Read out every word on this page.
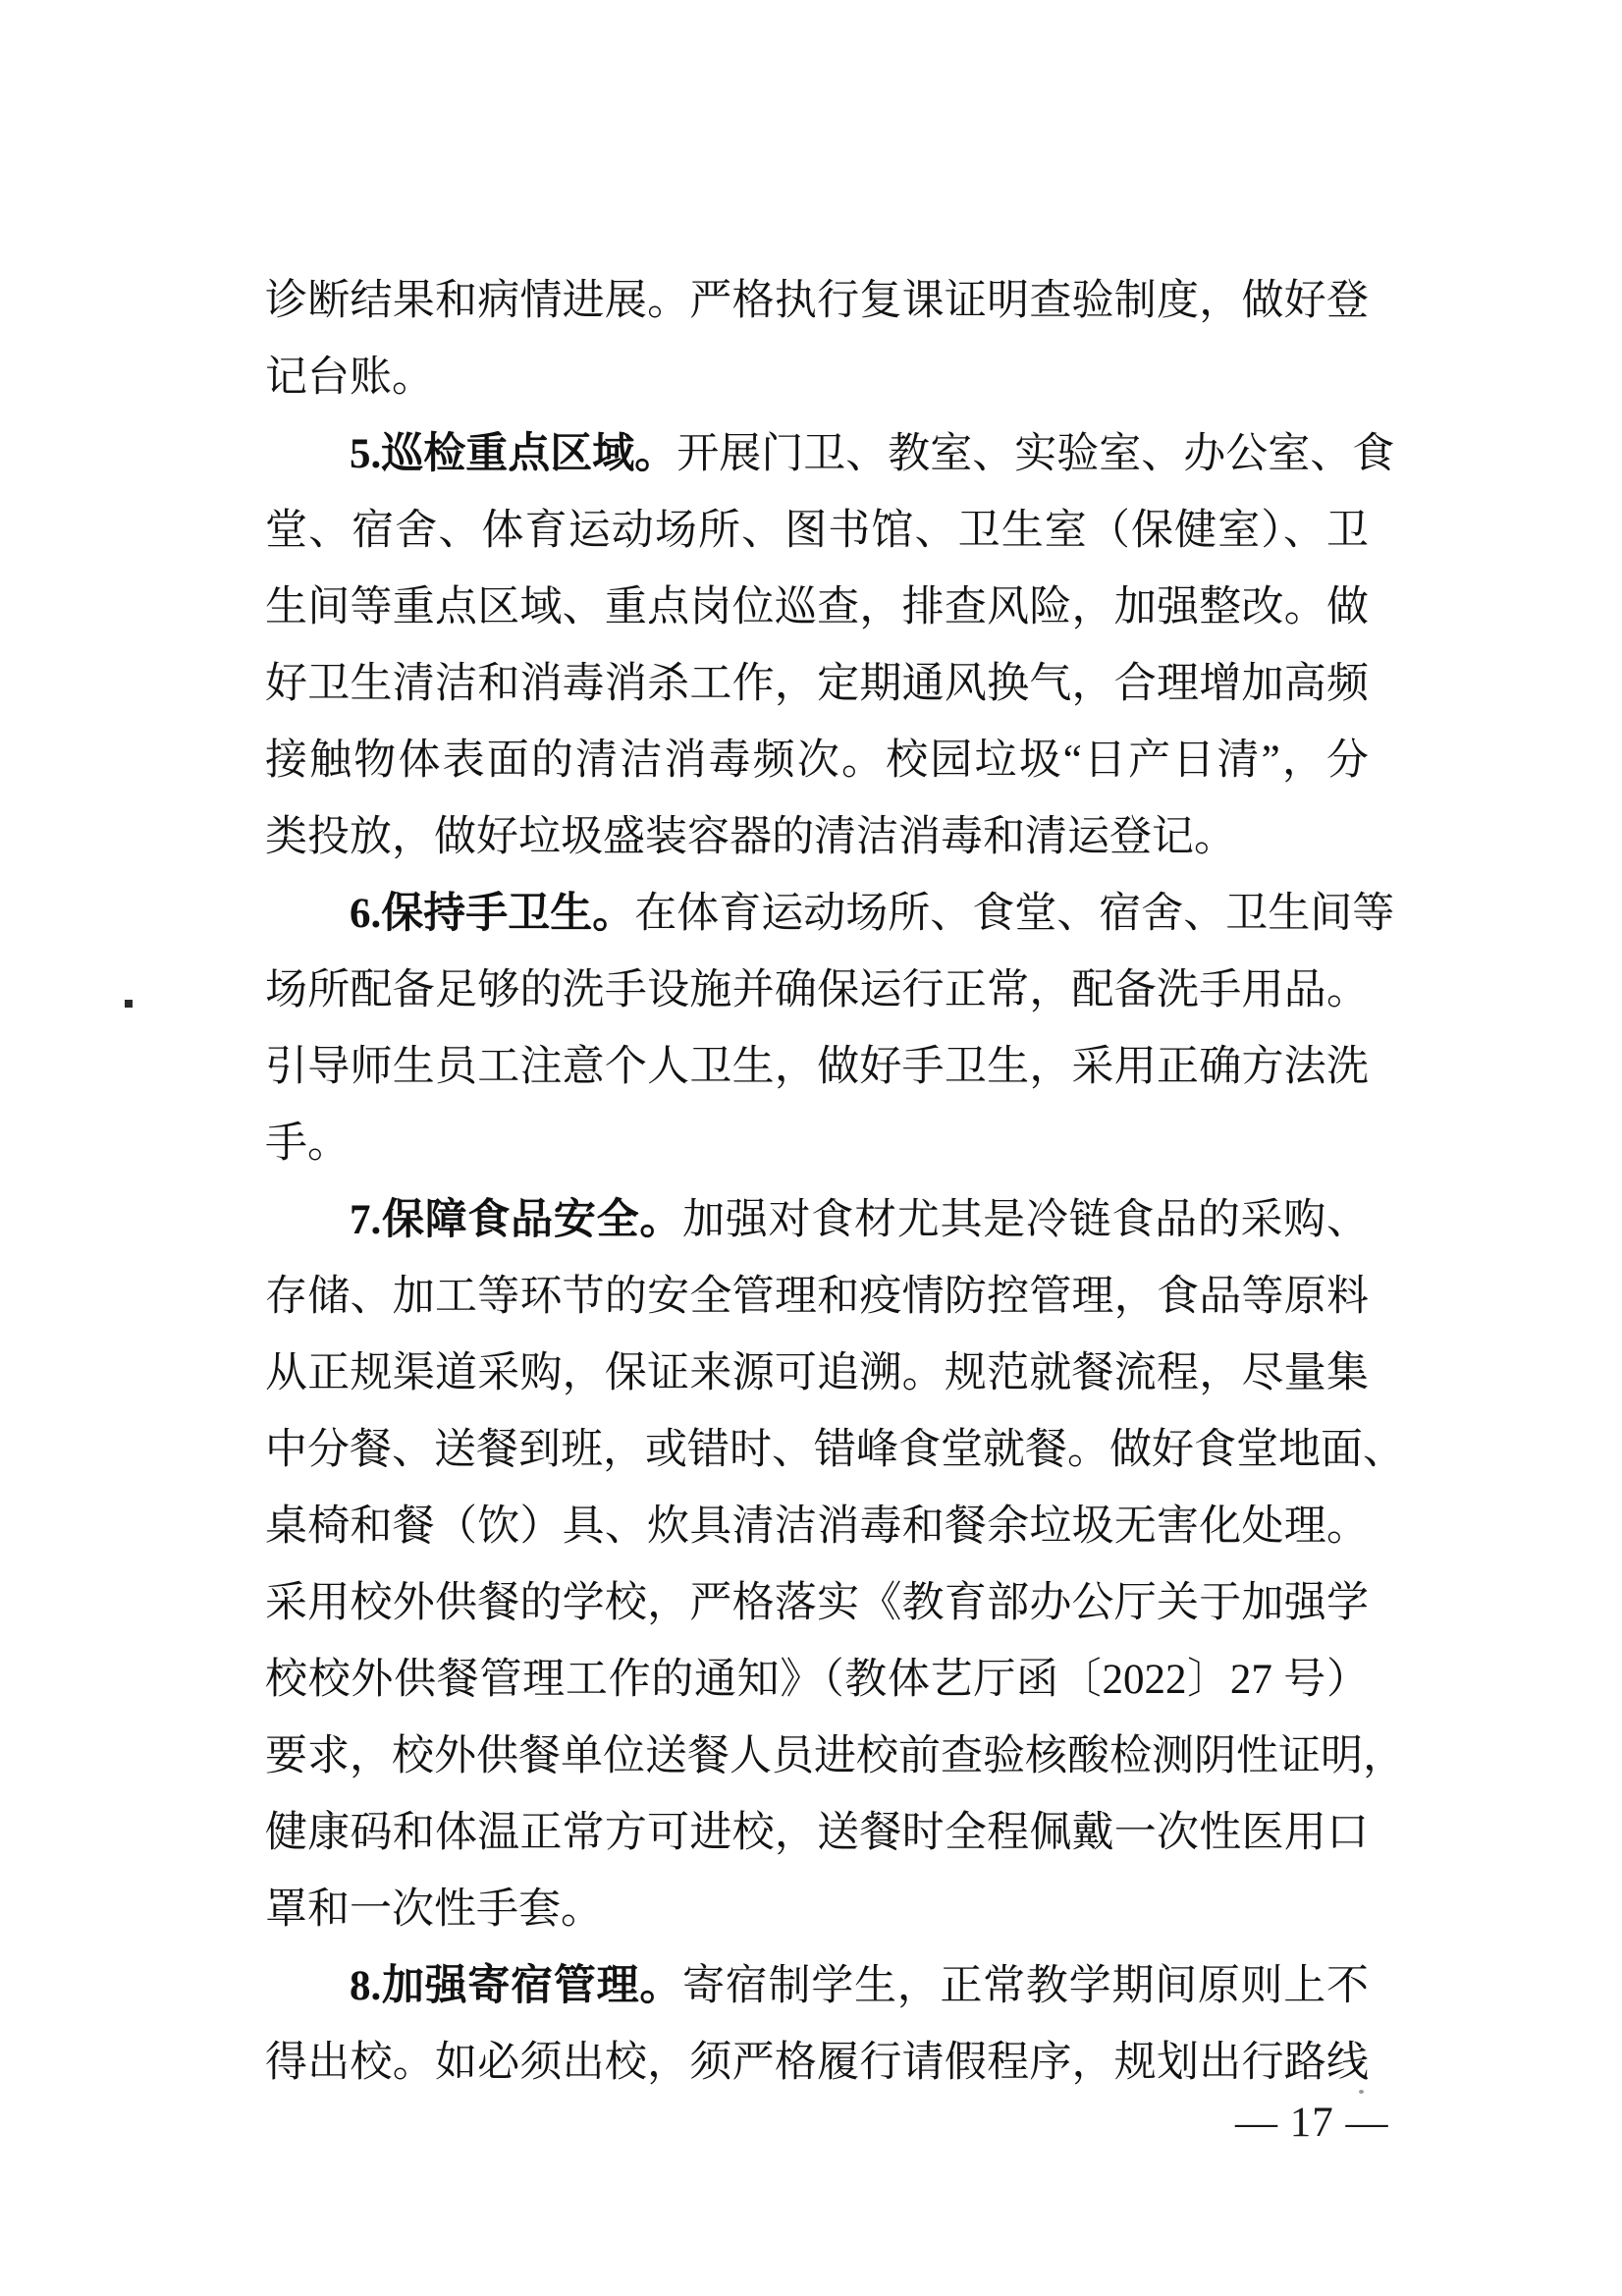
诊断结果和病情进展。严格执行复课证明查验制度，做好登
记台账。
5.巡检重点区域。开展门卫、教室、实验室、办公室、食
堂、宿舍、体育运动场所、图书馆、卫生室（保健室）、卫
生间等重点区域、重点岗位巡查，排查风险，加强整改。做
好卫生清洁和消毒消杀工作，定期通风换气，合理增加高频
接触物体表面的清洁消毒频次。校园垃圾“日产日清”，分
类投放，做好垃圾盛装容器的清洁消毒和清运登记。
6.保持手卫生。在体育运动场所、食堂、宿舍、卫生间等
场所配备足够的洗手设施并确保运行正常，配备洗手用品。
引导师生员工注意个人卫生，做好手卫生，采用正确方法洗
手。
7.保障食品安全。加强对食材尤其是冷链食品的采购、
存储、加工等环节的安全管理和疫情防控管理，食品等原料
从正规渠道采购，保证来源可追溯。规范就餐流程，尽量集
中分餐、送餐到班，或错时、错峰食堂就餐。做好食堂地面、
桌椅和餐（饮）具、炊具清洁消毒和餐余垃圾无害化处理。
采用校外供餐的学校，严格落实《教育部办公厅关于加强学
校校外供餐管理工作的通知》（教体艺厅函〔2022〕27 号）
要求，校外供餐单位送餐人员进校前查验核酸检测阴性证明，
健康码和体温正常方可进校，送餐时全程佩戴一次性医用口
罩和一次性手套。
8.加强寄宿管理。寄宿制学生，正常教学期间原则上不
得出校。如必须出校，须严格履行请假程序，规划出行路线
— 17 —
